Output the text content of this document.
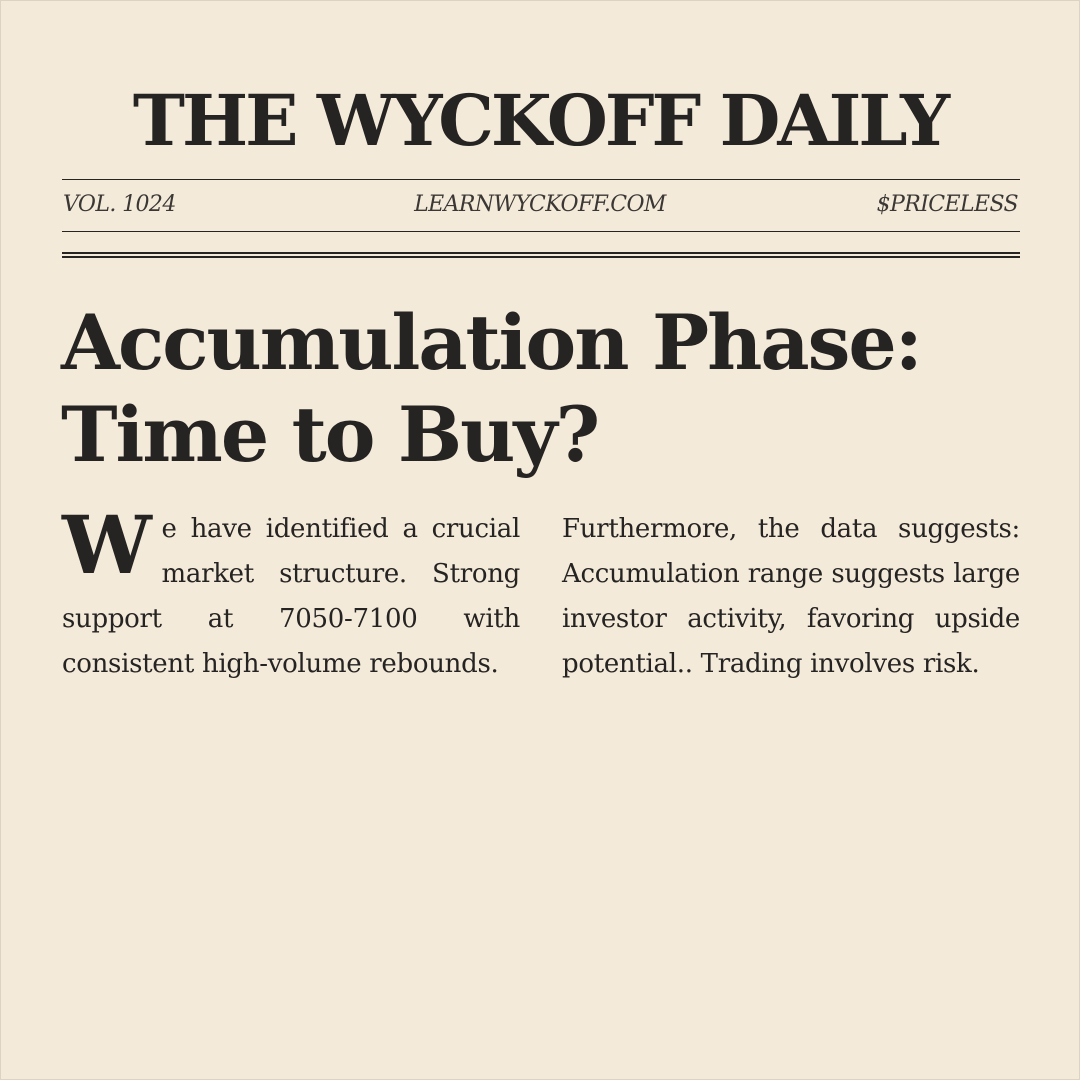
THE WYCKOFF DAILY
VOL. 1024	LEARNWYCKOFF.COM	$PRICELESS
Accumulation Phase:
Time to Buy?

We have identified a crucial market structure. Strong support at 7050-7100 with consistent high-volume rebounds.

Furthermore, the data suggests: Accumulation range suggests large investor activity, favoring upside potential.. Trading involves risk.
